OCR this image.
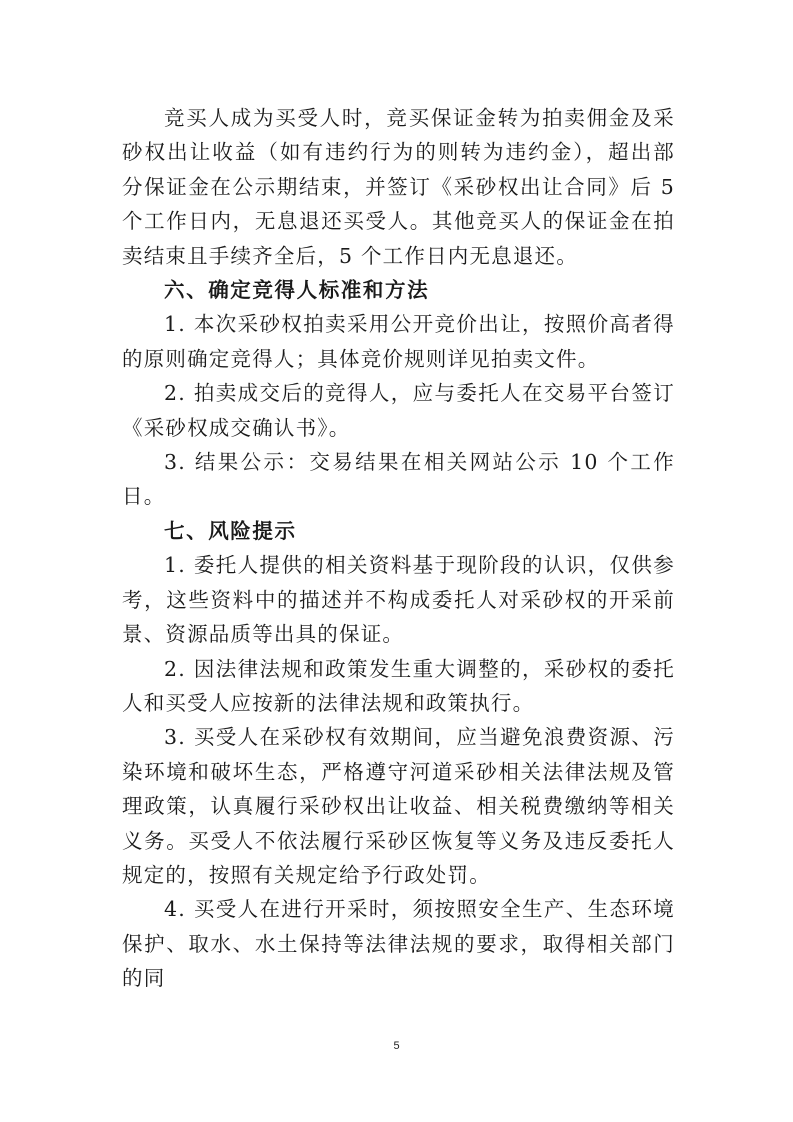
竞买人成为买受人时，竞买保证金转为拍卖佣金及采砂权出让收益（如有违约行为的则转为违约金），超出部分保证金在公示期结束，并签订《采砂权出让合同》后 5 个工作日内，无息退还买受人。其他竞买人的保证金在拍卖结束且手续齐全后，5 个工作日内无息退还。

六、确定竞得人标准和方法

1. 本次采砂权拍卖采用公开竞价出让，按照价高者得的原则确定竞得人；具体竞价规则详见拍卖文件。

2. 拍卖成交后的竞得人，应与委托人在交易平台签订《采砂权成交确认书》。

3. 结果公示：交易结果在相关网站公示 10 个工作日。

七、风险提示

1. 委托人提供的相关资料基于现阶段的认识，仅供参考，这些资料中的描述并不构成委托人对采砂权的开采前景、资源品质等出具的保证。

2. 因法律法规和政策发生重大调整的，采砂权的委托人和买受人应按新的法律法规和政策执行。

3. 买受人在采砂权有效期间，应当避免浪费资源、污染环境和破坏生态，严格遵守河道采砂相关法律法规及管理政策，认真履行采砂权出让收益、相关税费缴纳等相关义务。买受人不依法履行采砂区恢复等义务及违反委托人规定的，按照有关规定给予行政处罚。

4. 买受人在进行开采时，须按照安全生产、生态环境保护、取水、水土保持等法律法规的要求，取得相关部门的同

5
